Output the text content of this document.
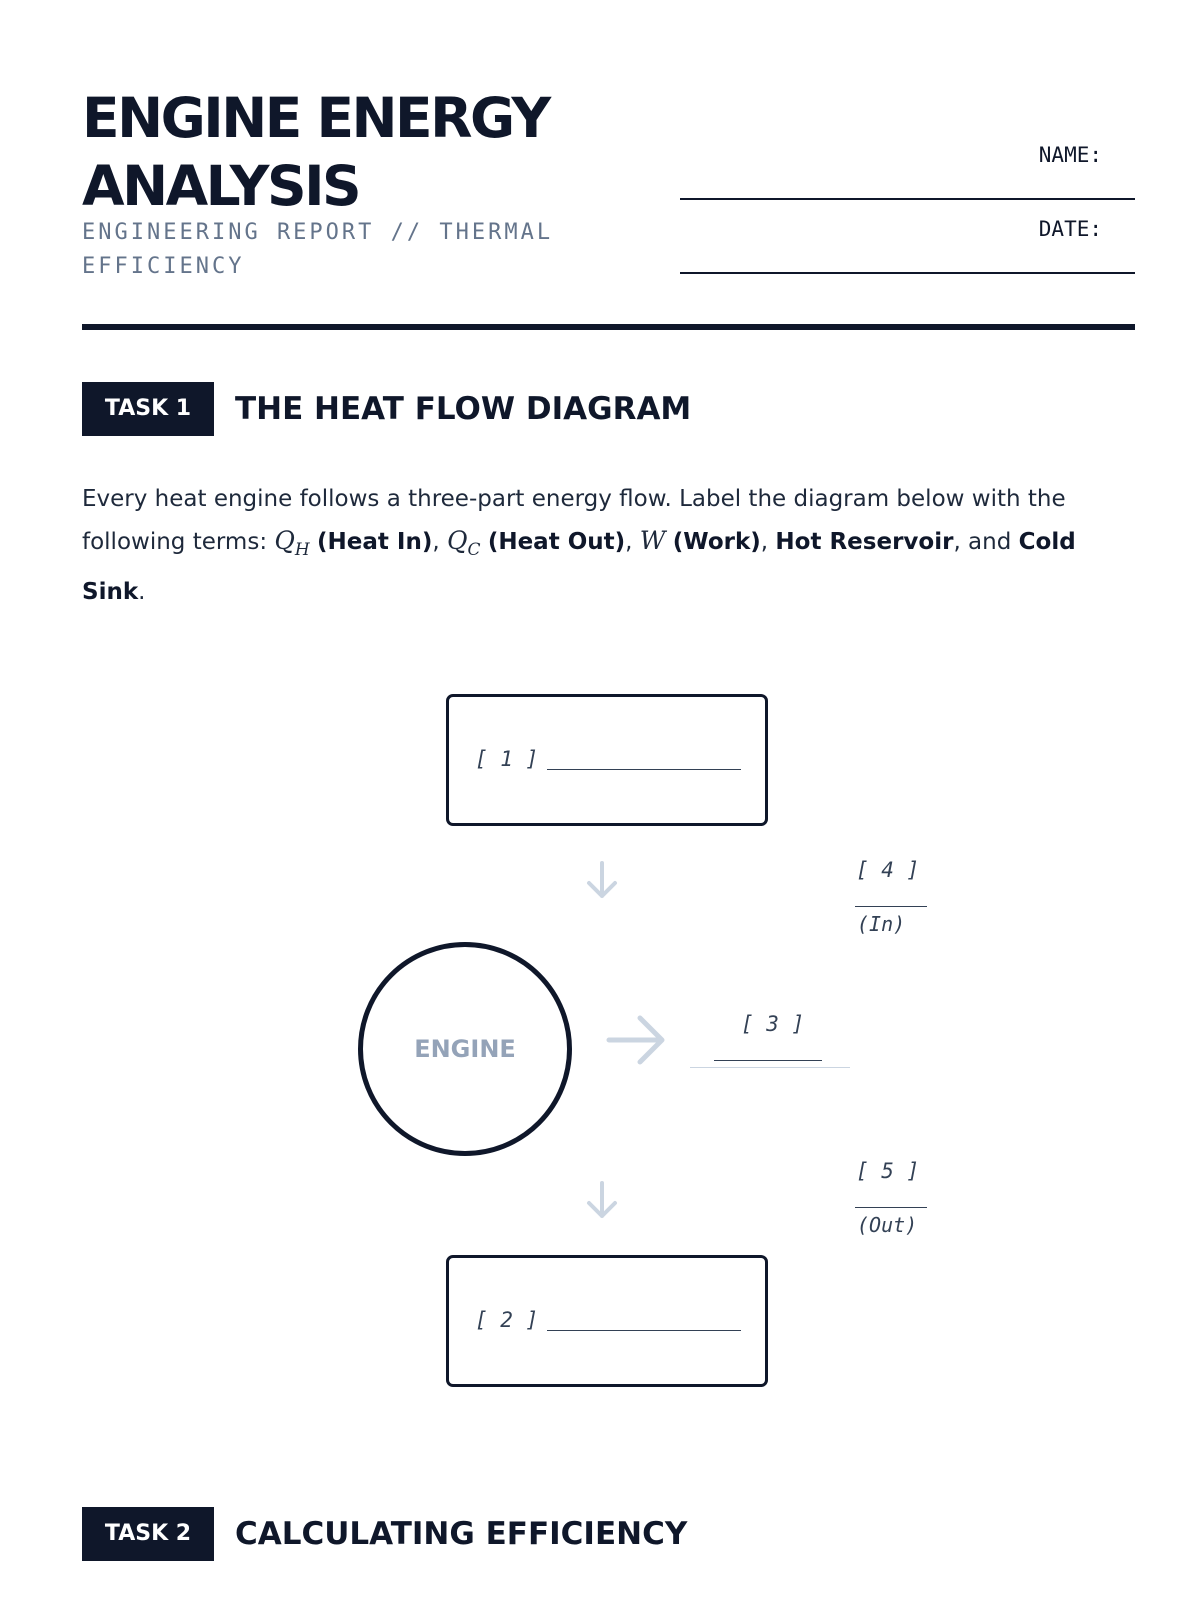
ENGINE ENERGY
ANALYSIS
ENGINEERING REPORT // THERMAL
EFFICIENCY
NAME:
DATE:
TASK 1	THE HEAT FLOW DIAGRAM
Every heat engine follows a three-part energy flow. Label the diagram below with the following terms: $Q_H$ (Heat In), $Q_C$ (Heat Out), W (Work), Hot Reservoir, and Cold Sink.
[ 1 ]
[ 4 ]
(In)
ENGINE
[ 3 ]
[ 5 ]
(Out)
[ 2 ]
TASK 2	CALCULATING EFFICIENCY
